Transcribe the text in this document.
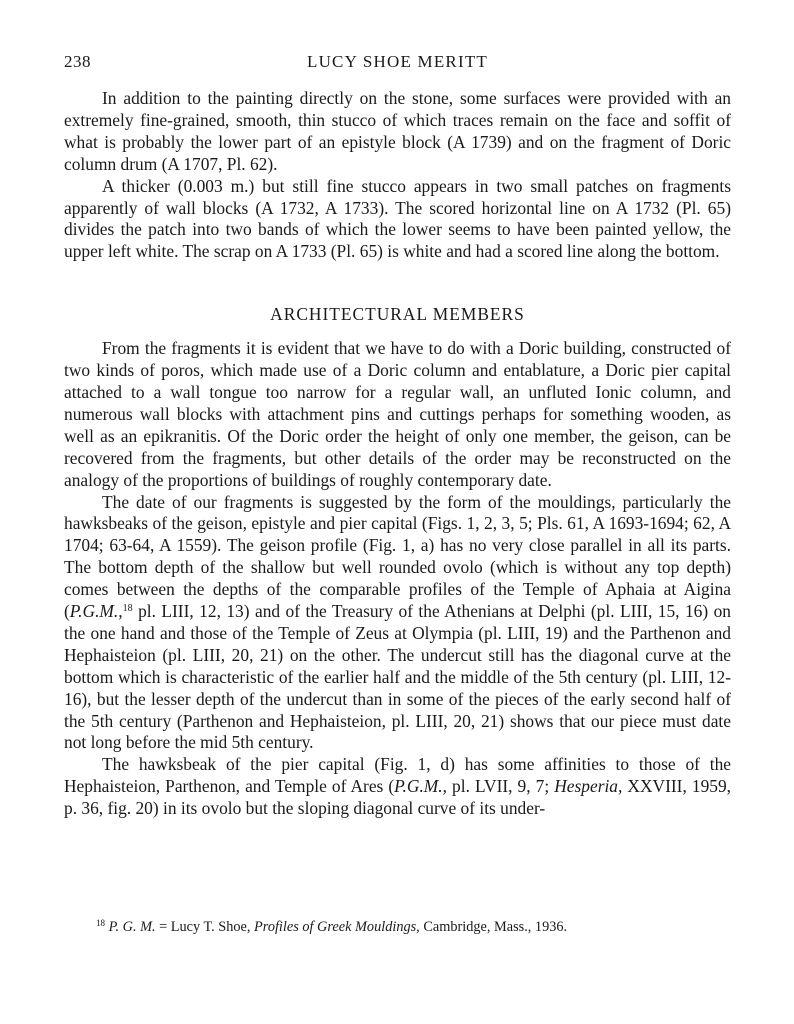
238	LUCY SHOE MERITT

In addition to the painting directly on the stone, some surfaces were provided with an extremely fine-grained, smooth, thin stucco of which traces remain on the face and soffit of what is probably the lower part of an epistyle block (A 1739) and on the fragment of Doric column drum (A 1707, Pl. 62).

A thicker (0.003 m.) but still fine stucco appears in two small patches on fragments apparently of wall blocks (A 1732, A 1733). The scored horizontal line on A 1732 (Pl. 65) divides the patch into two bands of which the lower seems to have been painted yellow, the upper left white. The scrap on A 1733 (Pl. 65) is white and had a scored line along the bottom.

ARCHITECTURAL MEMBERS

From the fragments it is evident that we have to do with a Doric building, constructed of two kinds of poros, which made use of a Doric column and entablature, a Doric pier capital attached to a wall tongue too narrow for a regular wall, an unfluted Ionic column, and numerous wall blocks with attachment pins and cuttings perhaps for something wooden, as well as an epikranitis. Of the Doric order the height of only one member, the geison, can be recovered from the fragments, but other details of the order may be reconstructed on the analogy of the proportions of buildings of roughly contemporary date.

The date of our fragments is suggested by the form of the mouldings, particularly the hawksbeaks of the geison, epistyle and pier capital (Figs. 1, 2, 3, 5; Pls. 61, A 1693-1694; 62, A 1704; 63-64, A 1559). The geison profile (Fig. 1, a) has no very close parallel in all its parts. The bottom depth of the shallow but well rounded ovolo (which is without any top depth) comes between the depths of the comparable profiles of the Temple of Aphaia at Aigina (P.G.M.,$^{18}$ pl. LIII, 12, 13) and of the Treasury of the Athenians at Delphi (pl. LIII, 15, 16) on the one hand and those of the Temple of Zeus at Olympia (pl. LIII, 19) and the Parthenon and Hephaisteion (pl. LIII, 20, 21) on the other. The undercut still has the diagonal curve at the bottom which is characteristic of the earlier half and the middle of the 5th century (pl. LIII, 12-16), but the lesser depth of the undercut than in some of the pieces of the early second half of the 5th century (Parthenon and Hephaisteion, pl. LIII, 20, 21) shows that our piece must date not long before the mid 5th century.

The hawksbeak of the pier capital (Fig. 1, d) has some affinities to those of the Hephaisteion, Parthenon, and Temple of Ares (P.G.M., pl. LVII, 9, 7; Hesperia, XXVIII, 1959, p. 36, fig. 20) in its ovolo but the sloping diagonal curve of its under-

$^{18}$ P. G. M. = Lucy T. Shoe, Profiles of Greek Mouldings, Cambridge, Mass., 1936.
